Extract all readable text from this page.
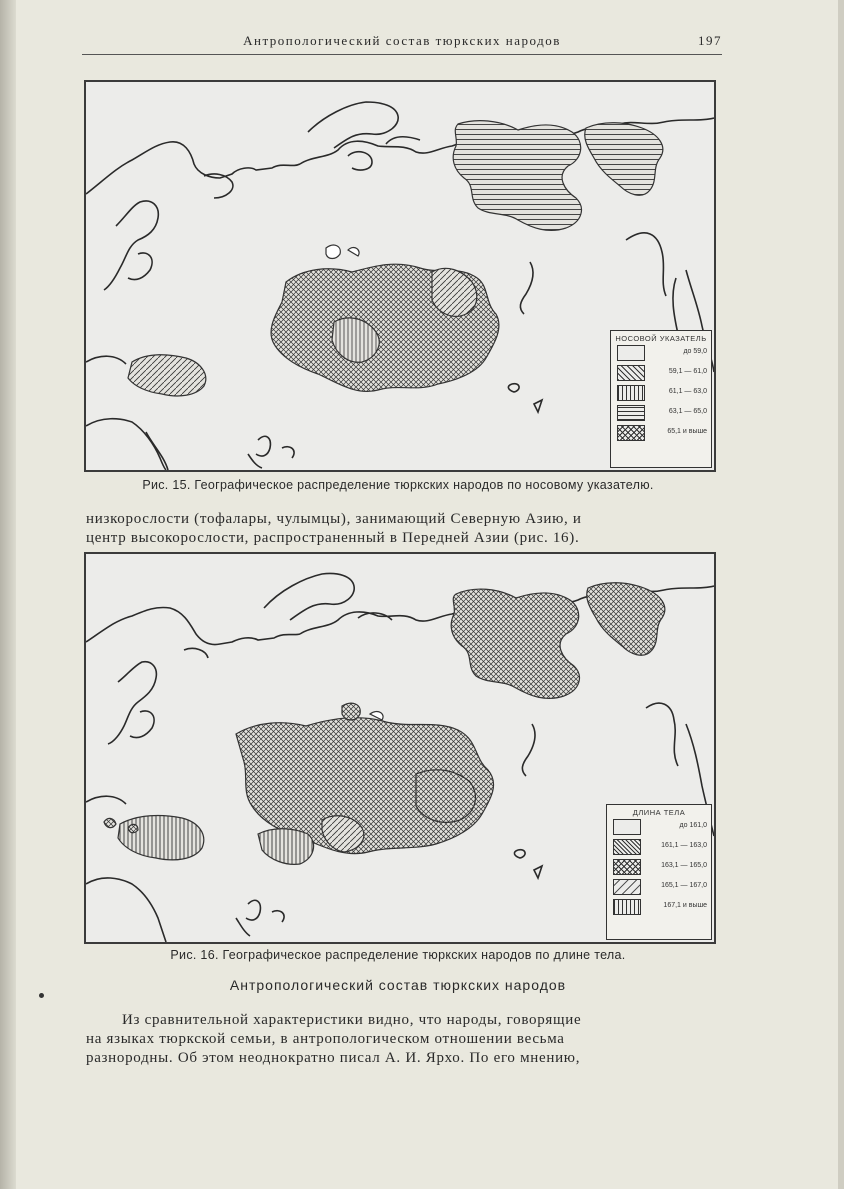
Антропологический состав тюркских народов	197
НОСОВОЙ УКАЗАТЕЛЬ
до 59,0
59,1 — 61,0
61,1 — 63,0
63,1 — 65,0
65,1 и выше
Рис. 15. Географическое распределение тюркских народов по носовому указателю.
низкорослости (тофалары, чулымцы), занимающий Северную Азию, и
центр высокорослости, распространенный в Передней Азии (рис. 16).
ДЛИНА ТЕЛА
до 161,0
161,1 — 163,0
163,1 — 165,0
165,1 — 167,0
167,1 и выше
Рис. 16. Географическое распределение тюркских народов по длине тела.
Антропологический состав тюркских народов
Из сравнительной характеристики видно, что народы, говорящие
на языках тюркской семьи, в антропологическом отношении весьма
разнородны. Об этом неоднократно писал А. И. Ярхо. По его мнению,
